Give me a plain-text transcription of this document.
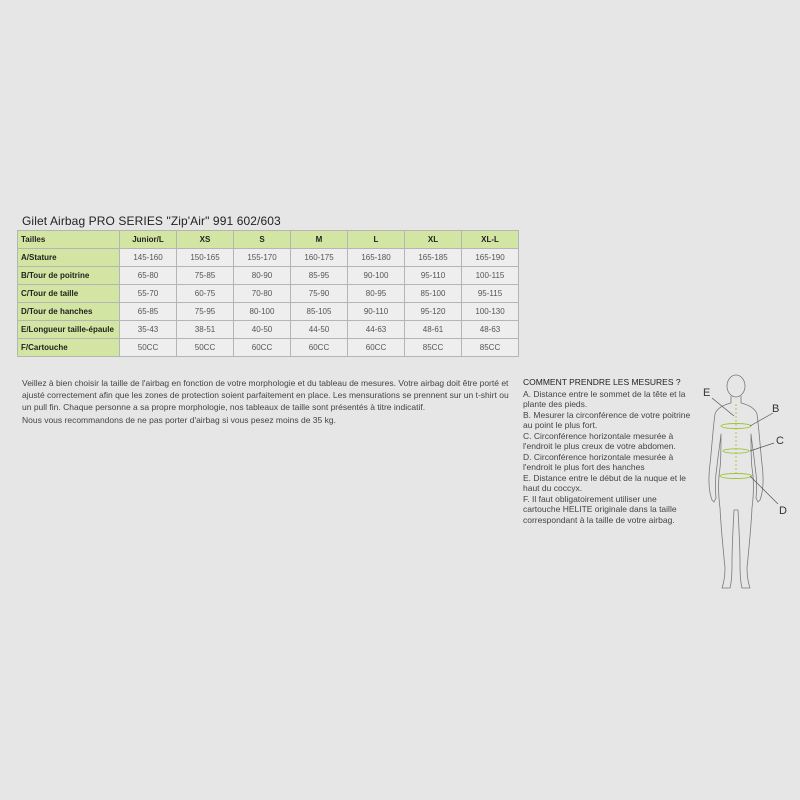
Gilet Airbag PRO SERIES "Zip'Air" 991 602/603
Tailles	Junior/L	XS	S	M	L	XL	XL-L
A/Stature	145-160	150-165	155-170	160-175	165-180	165-185	165-190
B/Tour de poitrine	65-80	75-85	80-90	85-95	90-100	95-110	100-115
C/Tour de taille	55-70	60-75	70-80	75-90	80-95	85-100	95-115
D/Tour de hanches	65-85	75-95	80-100	85-105	90-110	95-120	100-130
E/Longueur taille-épaule	35-43	38-51	40-50	44-50	44-63	48-61	48-63
F/Cartouche	50CC	50CC	60CC	60CC	60CC	85CC	85CC

Veillez à bien choisir la taille de l'airbag en fonction de votre morphologie et du tableau de mesures. Votre airbag doit être porté et ajusté correctement afin que les zones de protection soient parfaitement en place. Les mensurations se prennent sur un t-shirt ou un pull fin. Chaque personne a sa propre morphologie, nos tableaux de taille sont présentés à titre indicatif.

Nous vous recommandons de ne pas porter d'airbag si vous pesez moins de 35 kg.

COMMENT PRENDRE LES MESURES ?

A. Distance entre le sommet de la tête et la plante des pieds.

B. Mesurer la circonférence de votre poitrine au point le plus fort.

C. Circonférence horizontale mesurée à l'endroit le plus creux de votre abdomen.

D. Circonférence horizontale mesurée à l'endroit le plus fort des hanches

E. Distance entre le début de la nuque et le haut du coccyx.

F. Il faut obligatoirement utiliser une cartouche HELITE originale dans la taille correspondant à la taille de votre airbag.

E
B
C
D
